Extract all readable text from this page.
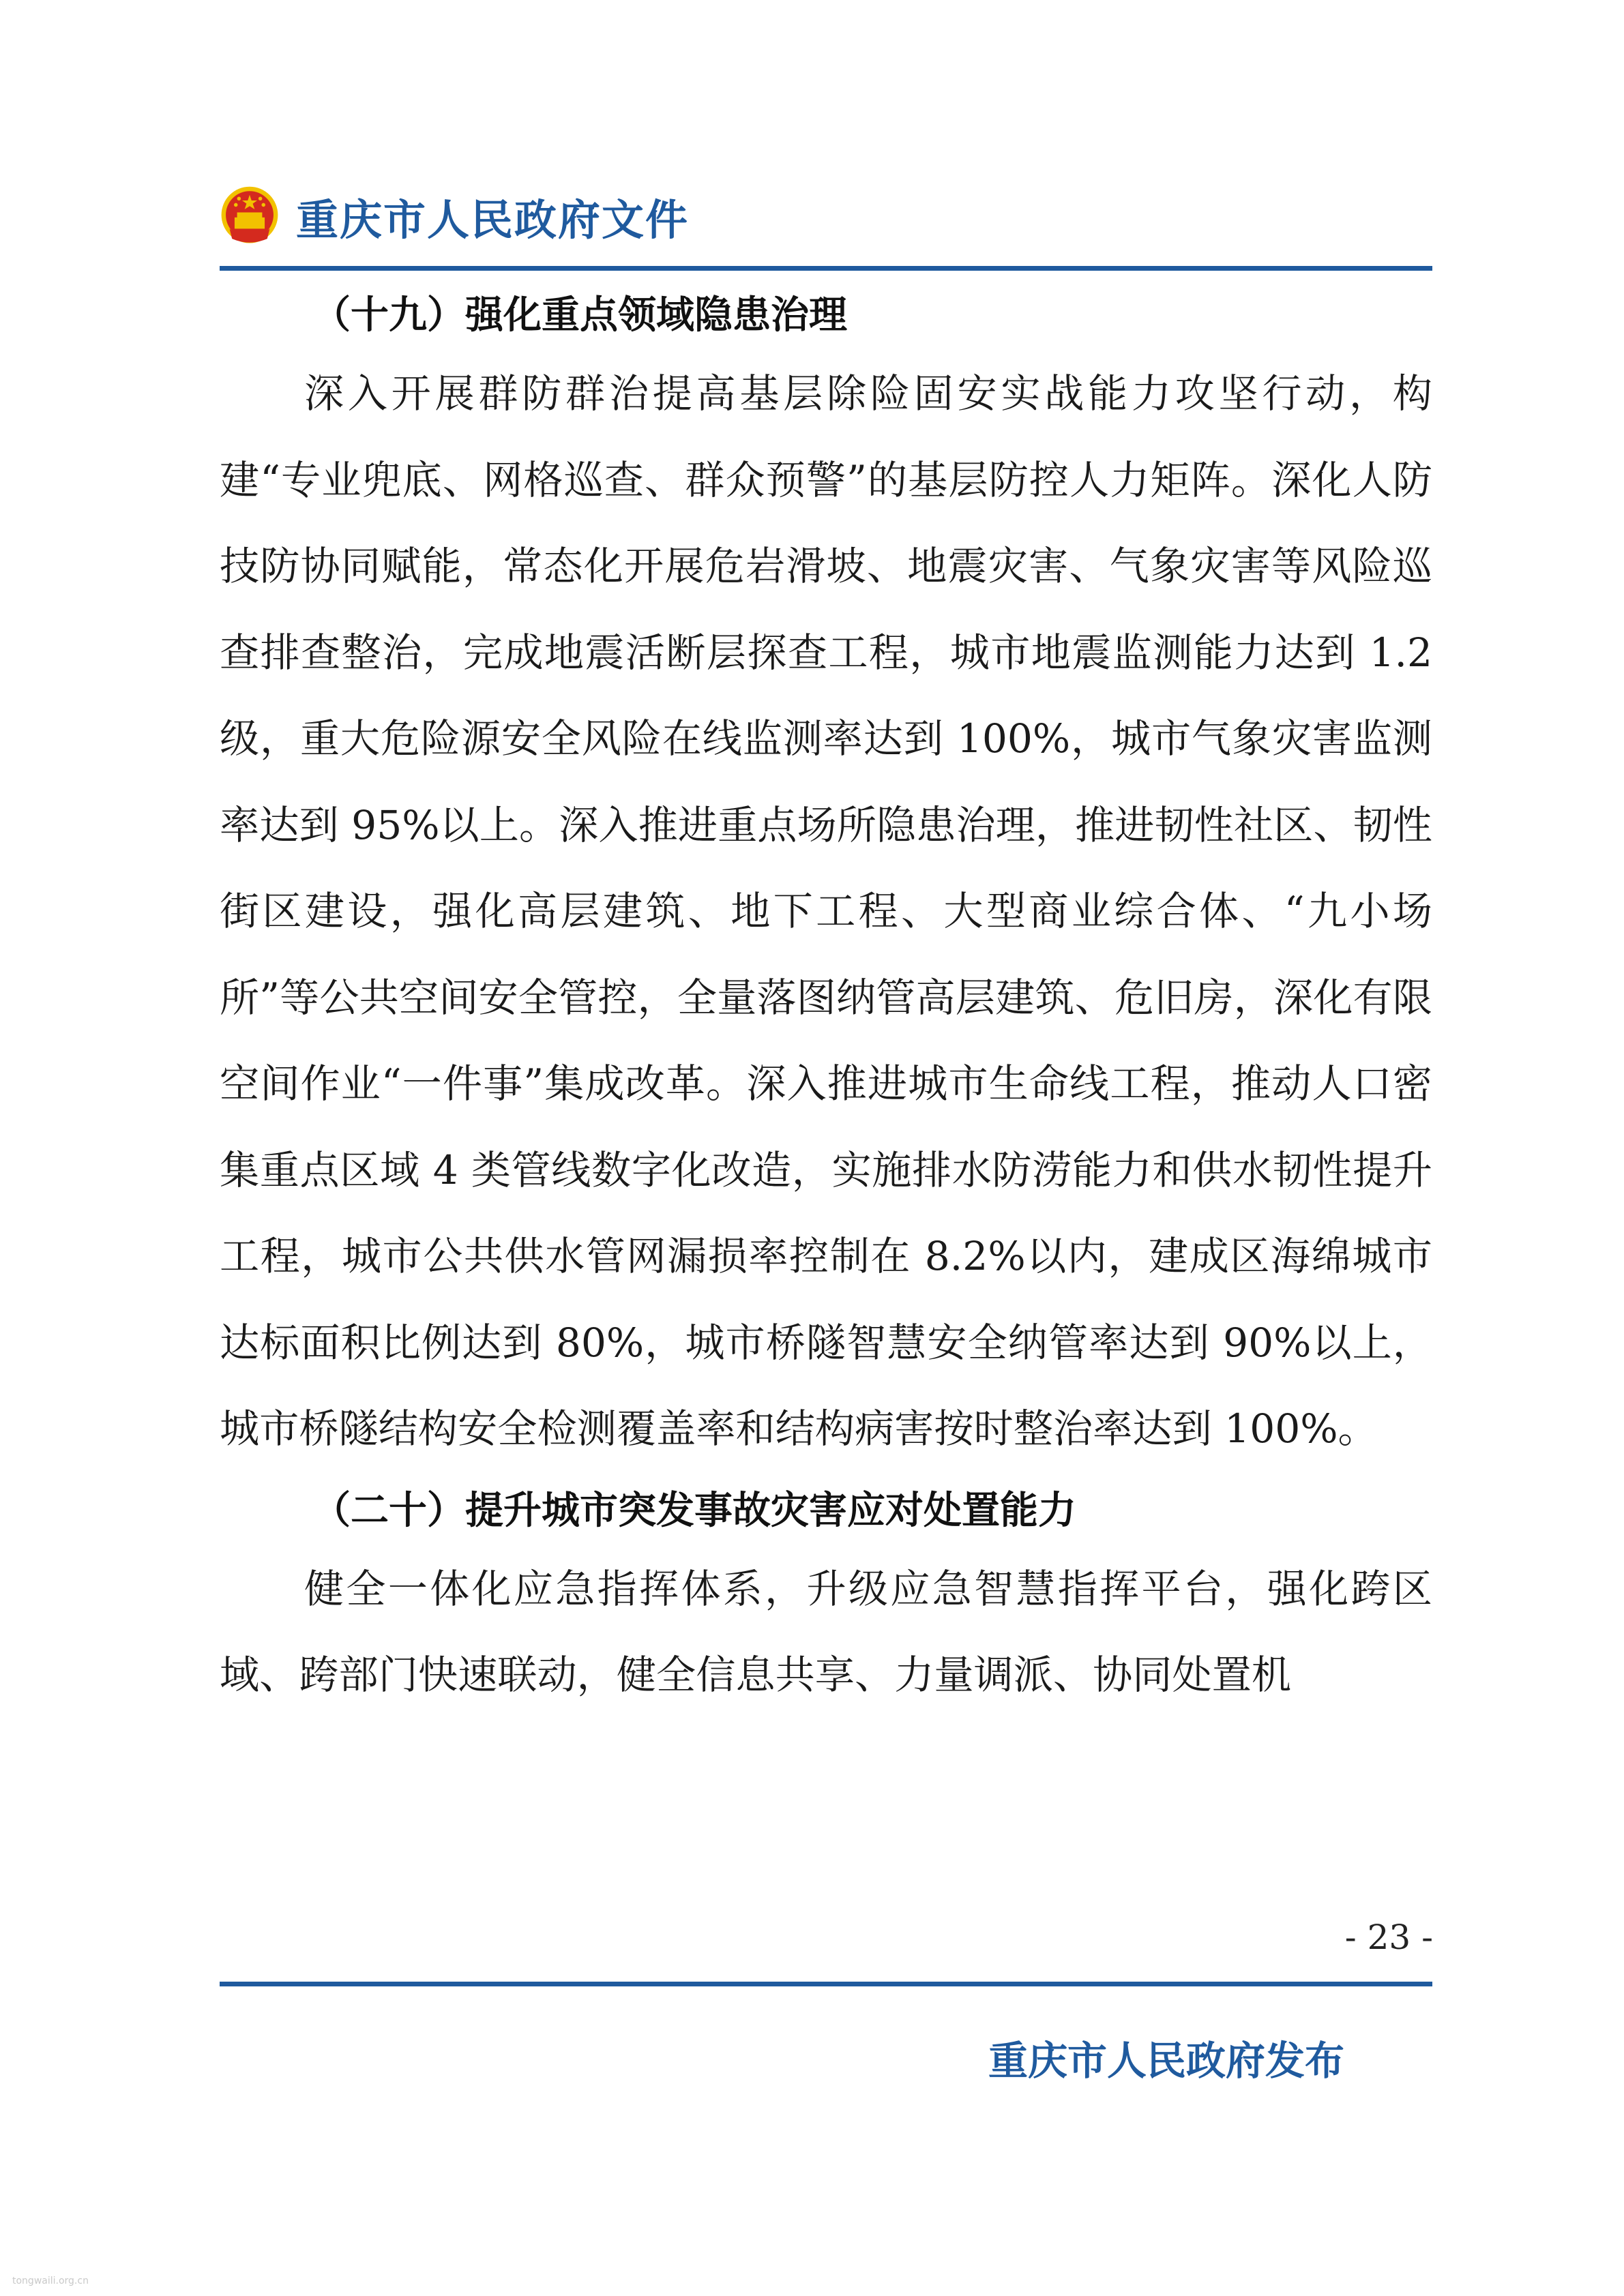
重庆市人民政府文件
（十九）强化重点领域隐患治理

深入开展群防群治提高基层除险固安实战能力攻坚行动，构建“专业兜底、网格巡查、群众预警”的基层防控人力矩阵。深化人防技防协同赋能，常态化开展危岩滑坡、地震灾害、气象灾害等风险巡查排查整治，完成地震活断层探查工程，城市地震监测能力达到 1.2 级，重大危险源安全风险在线监测率达到 100%，城市气象灾害监测率达到 95%以上。深入推进重点场所隐患治理，推进韧性社区、韧性街区建设，强化高层建筑、地下工程、大型商业综合体、“九小场所”等公共空间安全管控，全量落图纳管高层建筑、危旧房，深化有限空间作业“一件事”集成改革。深入推进城市生命线工程，推动人口密集重点区域 4 类管线数字化改造，实施排水防涝能力和供水韧性提升工程，城市公共供水管网漏损率控制在 8.2%以内，建成区海绵城市达标面积比例达到 80%，城市桥隧智慧安全纳管率达到 90%以上，城市桥隧结构安全检测覆盖率和结构病害按时整治率达到 100%。

（二十）提升城市突发事故灾害应对处置能力

健全一体化应急指挥体系，升级应急智慧指挥平台，强化跨区域、跨部门快速联动，健全信息共享、力量调派、协同处置机

- 23 -
重庆市人民政府发布
tongwaili.org.cn
